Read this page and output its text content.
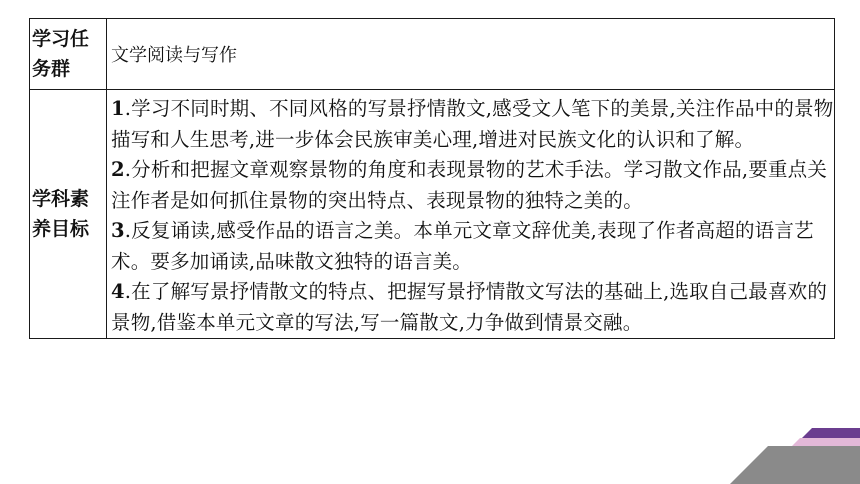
学习任务群	文学阅读与写作
学科素养目标	1.学习不同时期、不同风格的写景抒情散文,感受文人笔下的美景,关注作品中的景物描写和人生思考,进一步体会民族审美心理,增进对民族文化的认识和了解。
2.分析和把握文章观察景物的角度和表现景物的艺术手法。学习散文作品,要重点关注作者是如何抓住景物的突出特点、表现景物的独特之美的。
3.反复诵读,感受作品的语言之美。本单元文章文辞优美,表现了作者高超的语言艺术。要多加诵读,品味散文独特的语言美。
4.在了解写景抒情散文的特点、把握写景抒情散文写法的基础上,选取自己最喜欢的景物,借鉴本单元文章的写法,写一篇散文,力争做到情景交融。
